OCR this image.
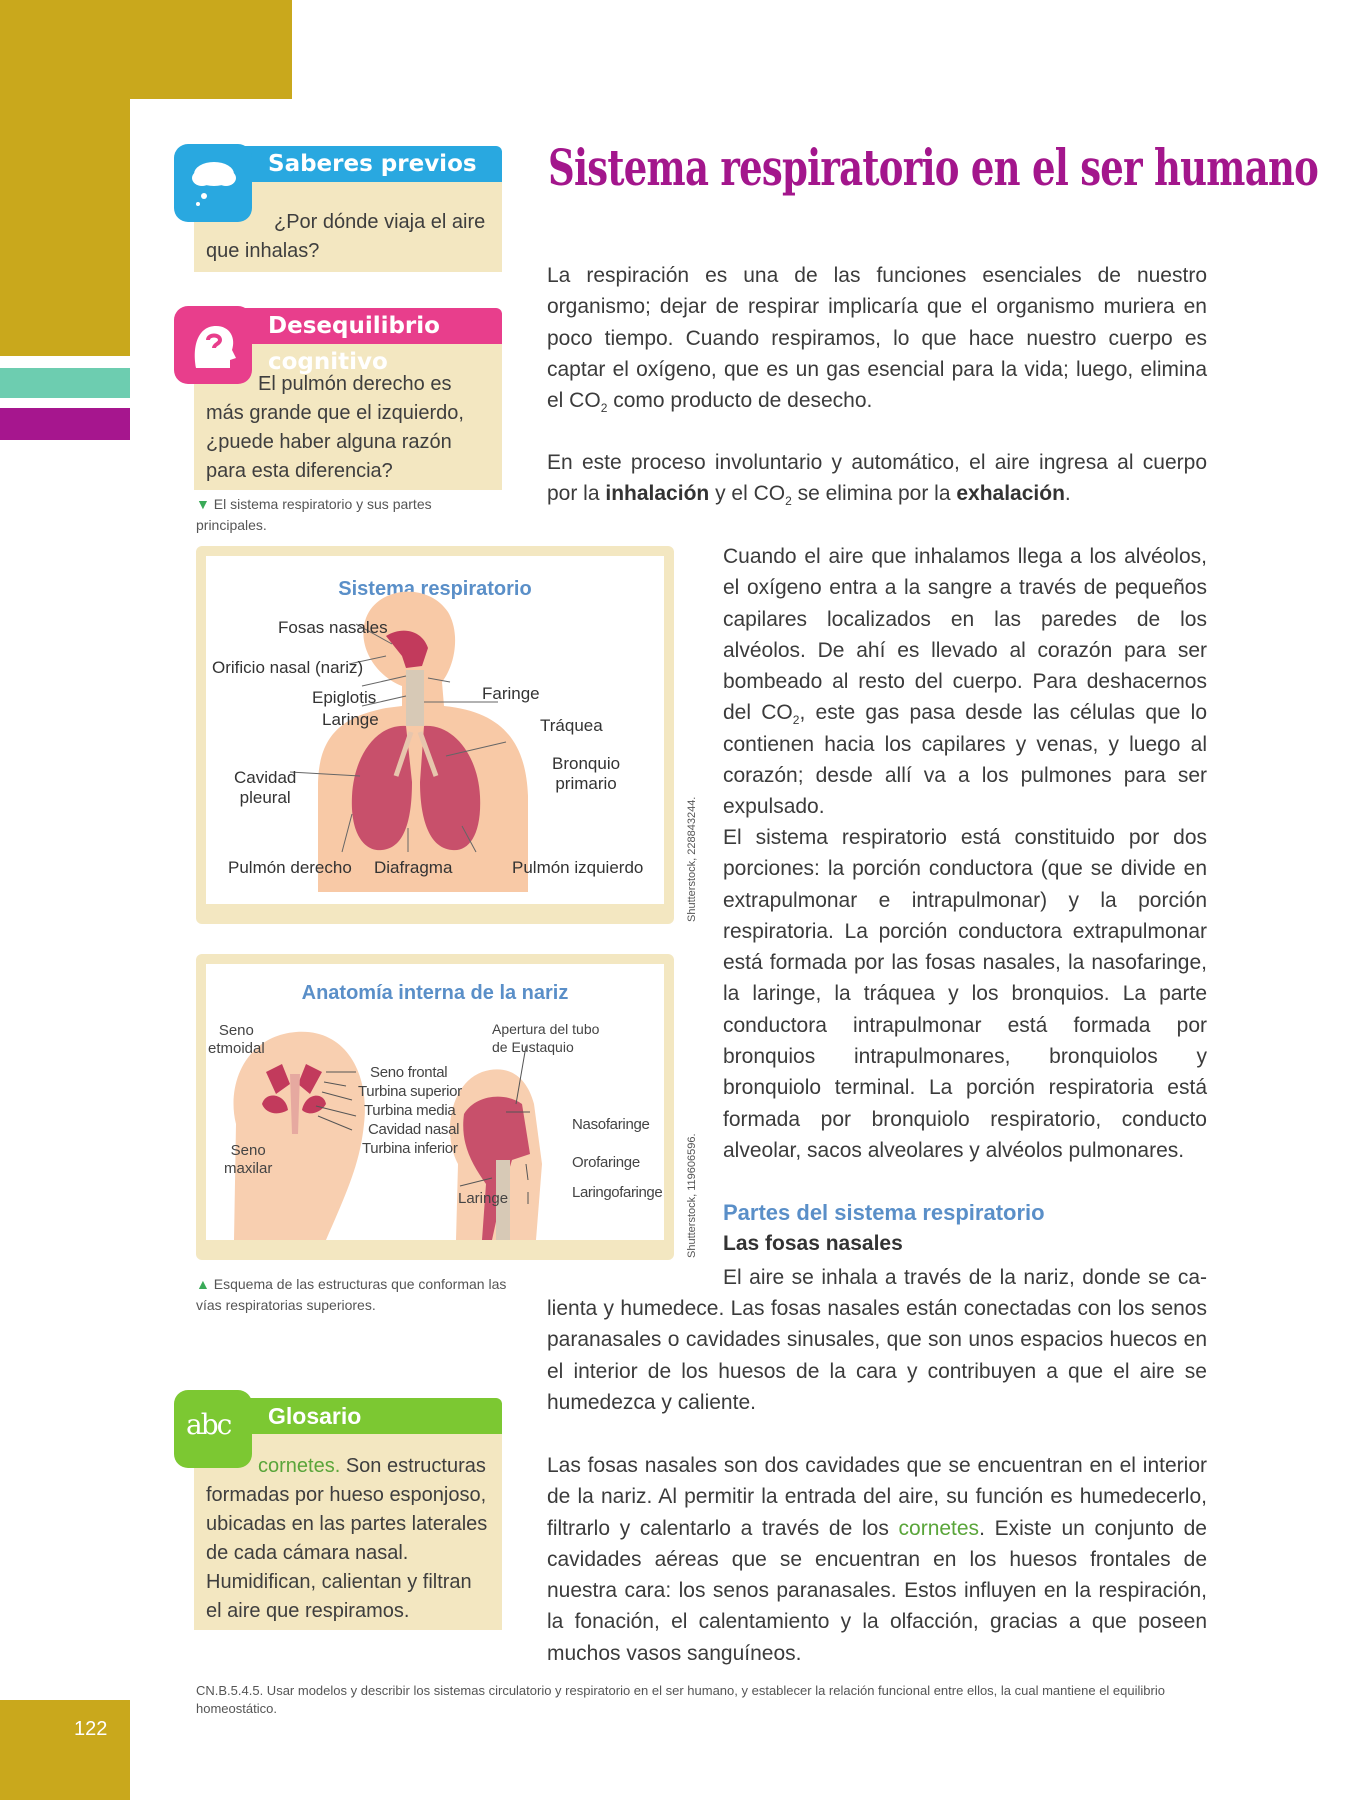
122
Saberes previos
¿Por dónde viaja el aire que inhalas?
Desequilibrio cognitivo
El pulmón derecho es más grande que el izquierdo, ¿puede haber alguna razón para esta diferencia?
▼ El sistema respiratorio y sus partes principales.
Sistema respiratorio
Fosas nasales
Orificio nasal (nariz)
Epiglotis
Laringe
Faringe
Tráquea
Bronquio
primario
Cavidad
pleural
Pulmón derecho Diafragma	Pulmón izquierdo	Shutterstock, 228843244.
Anatomía interna de la nariz
Seno
etmoidal
Seno
maxilar
Seno frontal
Turbina superior
Turbina media
Cavidad nasal
Turbina inferior
Apertura del tubo
de Eustaquio
Nasofaringe
Orofaringe
Laringofaringe
Laringe	Shutterstock, 119606596.
▲ Esquema de las estructuras que conforman las vías respiratorias superiores.
Glosario
cornetes. Son estructuras formadas por hueso esponjoso, ubicadas en las partes laterales de cada cámara nasal. Humidifican, calientan y filtran el aire que respiramos.
abc
Sistema respiratorio en el ser humano
La respiración es una de las funciones esenciales de nuestro organismo; dejar de respirar implicaría que el organismo muriera en poco tiempo. Cuando respiramos, lo que hace nuestro cuerpo es captar el oxígeno, que es un gas esencial para la vida; luego, elimina el $CO_2$ como producto de desecho.
En este proceso involuntario y automático, el aire ingresa al cuerpo por la inhalación y el $CO_2$ se elimina por la exhalación.
Cuando el aire que inhalamos llega a los alvéolos, el oxígeno entra a la sangre a través de pequeños capilares localizados en las paredes de los alvéolos. De ahí es llevado al corazón para ser bombeado al resto del cuerpo. Para deshacernos del $CO_2$, este gas pasa desde las células que lo contienen hacia los capilares y venas, y luego al corazón; desde allí va a los pulmones para ser expulsado.
El sistema respiratorio está constituido por dos porciones: la porción conductora (que se divide en extrapulmonar e intrapulmonar) y la porción respiratoria. La porción conductora extrapulmonar está formada por las fosas nasales, la nasofaringe, la laringe, la tráquea y los bronquios. La parte conductora intrapulmonar está formada por bronquios intrapulmonares, bronquiolos y bronquiolo terminal. La porción respiratoria está formada por bronquiolo respiratorio, conducto alveolar, sacos alveolares y alvéolos pulmonares.
Partes del sistema respiratorio
Las fosas nasales
El aire se inhala a través de la nariz, donde se ca-
lienta y humedece. Las fosas nasales están conectadas con los senos paranasales o cavidades sinusales, que son unos espacios huecos en el interior de los huesos de la cara y contribuyen a que el aire se humedezca y caliente.
Las fosas nasales son dos cavidades que se encuentran en el interior de la nariz. Al permitir la entrada del aire, su función es humedecerlo, filtrarlo y calentarlo a través de los cornetes. Existe un conjunto de cavidades aéreas que se encuentran en los huesos frontales de nuestra cara: los senos paranasales. Estos influyen en la respiración, la fonación, el calentamiento y la olfacción, gracias a que poseen muchos vasos sanguíneos.
CN.B.5.4.5. Usar modelos y describir los sistemas circulatorio y respiratorio en el ser humano, y establecer la relación funcional entre ellos, la cual mantiene el equilibrio homeostático.
